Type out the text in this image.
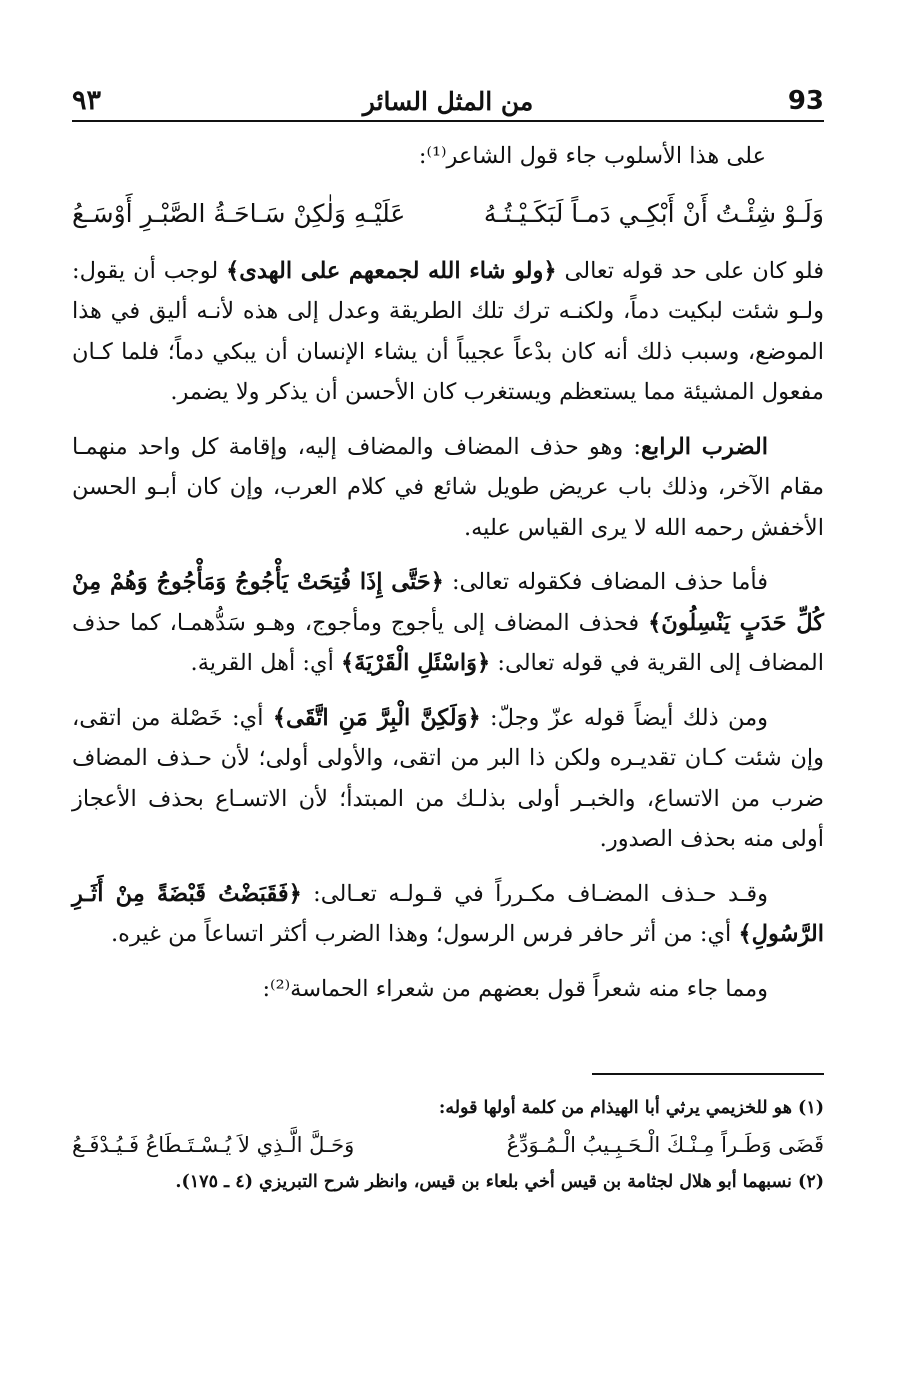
93
من المثل السائر
٩٣

على هذا الأسلوب جاء قول الشاعر⁽¹⁾:

وَلَـوْ شِئْـتُ أَنْ أَبْكِـي دَمـاً لَبَكَـيْـتُـهُ
عَلَيْـهِ وَلٰكِنْ سَـاحَـةُ الصَّبْـرِ أَوْسَـعُ

فلو كان على حد قوله تعالى ﴿ولو شاء الله لجمعهم على الهدى﴾ لوجب أن يقول: ولـو شئت لبكيت دماً، ولكنـه ترك تلك الطريقة وعدل إلى هذه لأنـه أليق في هذا الموضع، وسبب ذلك أنه كان بدْعاً عجيباً أن يشاء الإنسان أن يبكي دماً؛ فلما كـان مفعول المشيئة مما يستعظم ويستغرب كان الأحسن أن يذكر ولا يضمر.

الضرب الرابع: وهو حذف المضاف والمضاف إليه، وإقامة كل واحد منهمـا مقام الآخر، وذلك باب عريض طويل شائع في كلام العرب، وإن كان أبـو الحسن الأخفش رحمه الله لا يرى القياس عليه.

فأما حذف المضاف فكقوله تعالى: ﴿حَتَّى إِذَا فُتِحَتْ يَأْجُوجُ وَمَأْجُوجُ وَهُمْ مِنْ كُلِّ حَدَبٍ يَنْسِلُونَ﴾ فحذف المضاف إلى يأجوج ومأجوج، وهـو سَدُّهمـا، كما حذف المضاف إلى القرية في قوله تعالى: ﴿وَاسْئَلِ الْقَرْيَةَ﴾ أي: أهل القرية.

ومن ذلك أيضاً قوله عزّ وجلّ: ﴿وَلَكِنَّ الْبِرَّ مَنِ اتَّقَى﴾ أي: خَصْلة من اتقى، وإن شئت كـان تقديـره ولكن ذا البر من اتقى، والأولى أولى؛ لأن حـذف المضاف ضرب من الاتساع، والخبـر أولى بذلـك من المبتدأ؛ لأن الاتسـاع بحذف الأعجاز أولى منه بحذف الصدور.

وقـد حـذف المضـاف مكـرراً في قـولـه تعـالى: ﴿فَقَبَضْتُ قَبْضَةً مِنْ أَثَـرِ الرَّسُولِ﴾ أي: من أثر حافر فرس الرسول؛ وهذا الضرب أكثر اتساعاً من غيره.

ومما جاء منه شعراً قول بعضهم من شعراء الحماسة⁽²⁾:

(١) هو للخزيمي يرثي أبا الهيذام من كلمة أولها قوله:
قَضَى وَطَـراً مِـنْـكَ الْـحَـبِـيبُ الْـمُـوَدِّعُ
وَحَـلَّ الَّـذِي لاَ يُـسْـتَـطَاعُ فَـيُـدْفَـعُ
(٢) نسبهما أبو هلال لجثامة بن قيس أخي بلعاء بن قيس، وانظر شرح التبريزي (٤ ـ ١٧٥).
